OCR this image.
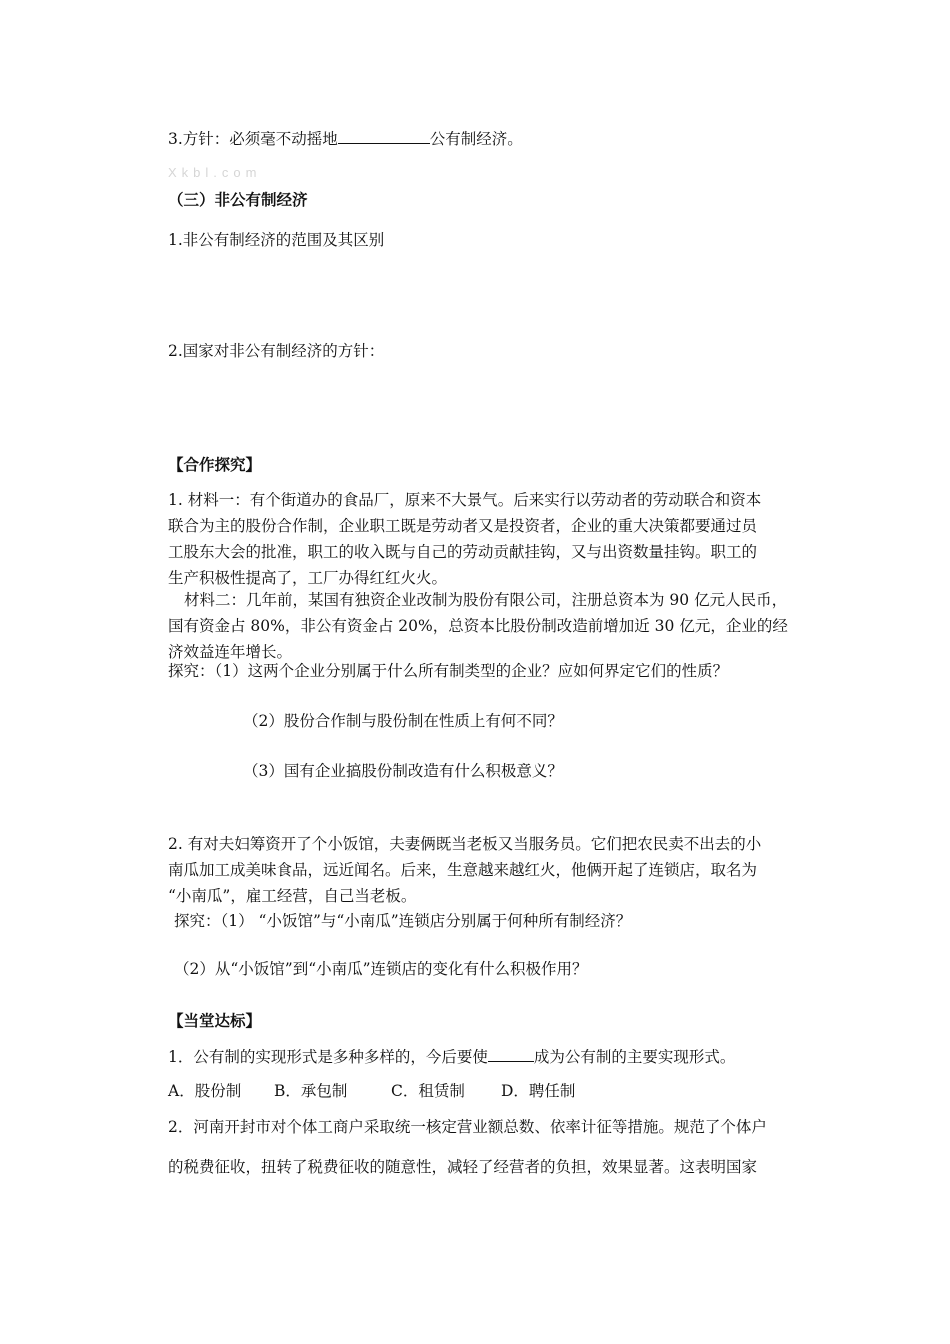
3.方针：必须毫不动摇地	公有制经济。
Xkbl.com
（三）非公有制经济
1.非公有制经济的范围及其区别
2.国家对非公有制经济的方针：
【合作探究】
1. 材料一：有个街道办的食品厂，原来不大景气。后来实行以劳动者的劳动联合和资本
联合为主的股份合作制，企业职工既是劳动者又是投资者，企业的重大决策都要通过员
工股东大会的批准，职工的收入既与自己的劳动贡献挂钩，又与出资数量挂钩。职工的
生产积极性提高了，工厂办得红红火火。
材料二：几年前，某国有独资企业改制为股份有限公司，注册总资本为 90 亿元人民币，
国有资金占 80%，非公有资金占 20%，总资本比股份制改造前增加近 30 亿元，企业的经
济效益连年增长。
探究：（1）这两个企业分别属于什么所有制类型的企业？应如何界定它们的性质？
（2）股份合作制与股份制在性质上有何不同？
（3）国有企业搞股份制改造有什么积极意义？
2. 有对夫妇筹资开了个小饭馆，夫妻俩既当老板又当服务员。它们把农民卖不出去的小
南瓜加工成美味食品，远近闻名。后来，生意越来越红火，他俩开起了连锁店，取名为
“小南瓜”，雇工经营，自己当老板。
探究：（1） “小饭馆”与“小南瓜”连锁店分别属于何种所有制经济？
（2）从“小饭馆”到“小南瓜”连锁店的变化有什么积极作用？
【当堂达标】
1．公有制的实现形式是多种多样的，今后要使	成为公有制的主要实现形式。
A．股份制 B．承包制	C．租赁制 D．聘任制
2．河南开封市对个体工商户采取统一核定营业额总数、依率计征等措施。规范了个体户
的税费征收，扭转了税费征收的随意性，减轻了经营者的负担，效果显著。这表明国家
